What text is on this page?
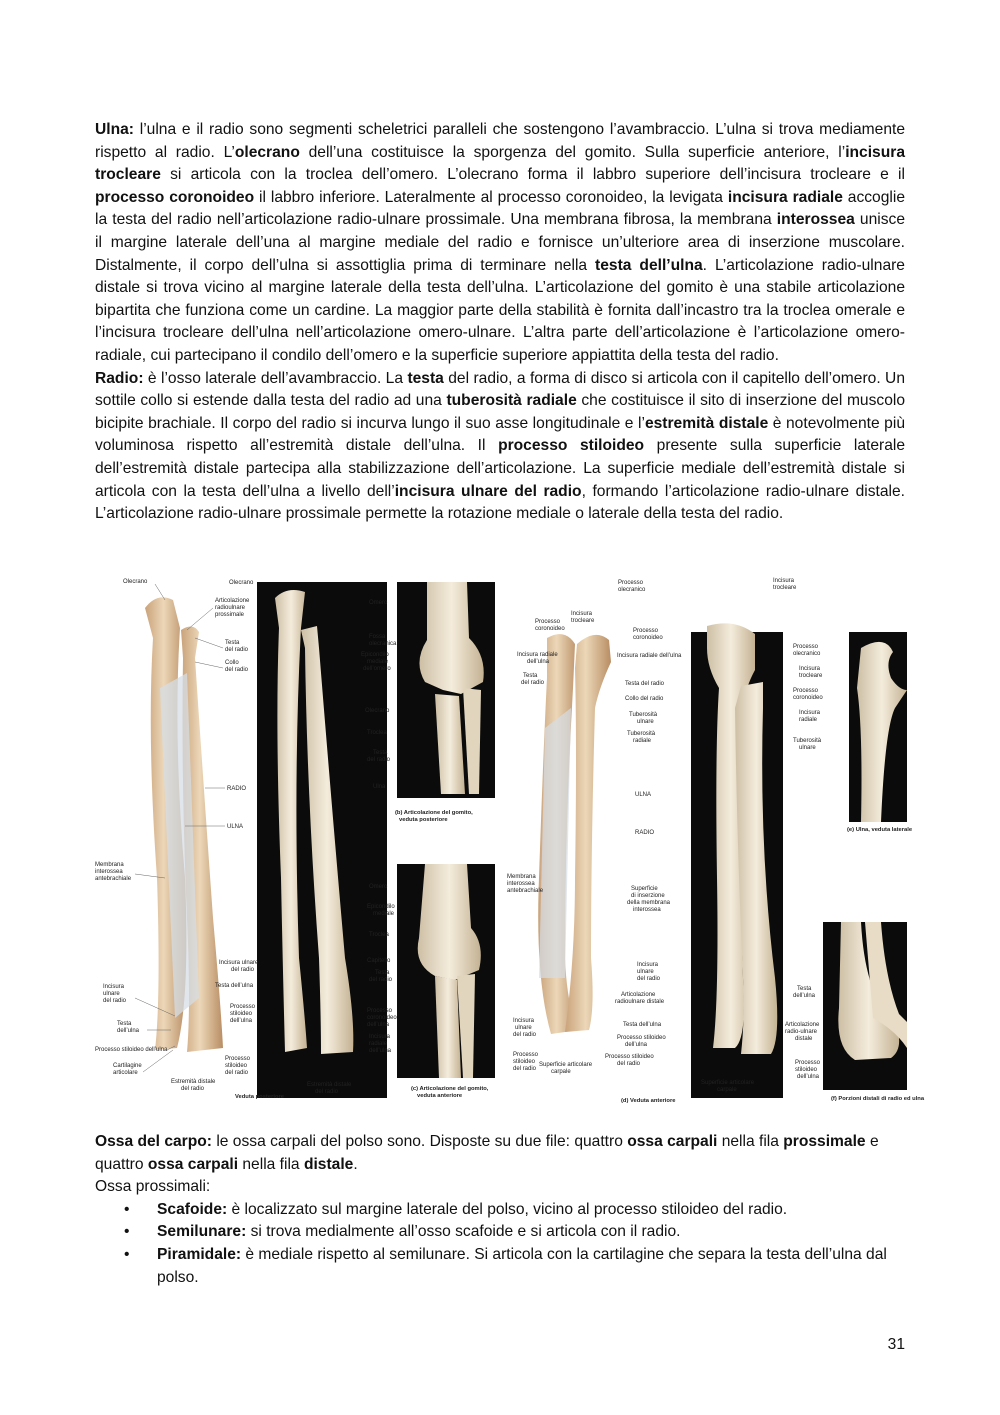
Ulna: l’ulna e il radio sono segmenti scheletrici paralleli che sostengono l’avambraccio. L’ulna si trova mediamente rispetto al radio. L’olecrano dell’una costituisce la sporgenza del gomito. Sulla superficie anteriore, l’incisura trocleare si articola con la troclea dell’omero. L’olecrano forma il labbro superiore dell’incisura trocleare e il processo coronoideo il labbro inferiore. Lateralmente al processo coronoideo, la levigata incisura radiale accoglie la testa del radio nell’articolazione radio-ulnare prossimale. Una membrana fibrosa, la membrana interossea unisce il margine laterale dell’una al margine mediale del radio e fornisce un’ulteriore area di inserzione muscolare. Distalmente, il corpo dell’ulna si assottiglia prima di terminare nella testa dell’ulna. L’articolazione radio-ulnare distale si trova vicino al margine laterale della testa dell’ulna. L’articolazione del gomito è una stabile articolazione bipartita che funziona come un cardine. La maggior parte della stabilità è fornita dall’incastro tra la troclea omerale e l’incisura trocleare dell’ulna nell’articolazione omero-ulnare. L’altra parte dell’articolazione è l’articolazione omero-radiale, cui partecipano il condilo dell’omero e la superficie superiore appiattita della testa del radio.

Radio: è l’osso laterale dell’avambraccio. La testa del radio, a forma di disco si articola con il capitello dell’omero. Un sottile collo si estende dalla testa del radio ad una tuberosità radiale che costituisce il sito di inserzione del muscolo bicipite brachiale. Il corpo del radio si incurva lungo il suo asse longitudinale e l’estremità distale è notevolmente più voluminosa rispetto all’estremità distale dell’ulna. Il processo stiloideo presente sulla superficie laterale dell’estremità distale partecipa alla stabilizzazione dell’articolazione. La superficie mediale dell’estremità distale si articola con la testa dell’ulna a livello dell’incisura ulnare del radio, formando l’articolazione radio-ulnare distale. L’articolazione radio-ulnare prossimale permette la rotazione mediale o laterale della testa del radio.

Olecrano
Articolazione
radioulnare
prossimale
Testa
del radio
Collo
del radio
RADIO
ULNA
Membrana
interossea
antebrachiale
Incisura
ulnare
del radio
Testa
dell’ulna
Processo stiloideo dell’ulna
Cartilagine
articolare
Estremità distale
del radio
Olecrano
Incisura ulnare
del radio
Testa dell’ulna
Processo
stiloideo
dell’ulna
Processo
stiloideo
del radio
Veduta posteriore
Estremità distale
del radio
Omero
Fossa
olecranica
Epicondilo
mediale
dell’omero
Olecrano
Troclea
Testa
del radio
Ulna
(b) Articolazione del gomito,
veduta posteriore
Omero
Epicondilo
mediale
Troclea
Capitello
Testa
del radio
Processo
coronoideo
dell’ulna
Incisura
radiale
dell’ulna
(c) Articolazione del gomito,
veduta anteriore
Processo
olecranico
Incisura
trocleare
Processo
coronoideo
Incisura
trocleare
Incisura radiale
dell’ulna
Testa
del radio
Processo
coronoideo
Incisura radiale dell’ulna
Testa del radio
Collo del radio
Tuberosità
ulnare
Tuberosità
radiale
ULNA
RADIO
Membrana
interossea
antebrachiale	Superficie
di inserzione
della membrana
interossea
Incisura
ulnare
del radio
Articolazione
radioulnare distale
Testa dell’ulna
Processo stiloideo
dell’ulna
Incisura
ulnare
del radio
Processo
stiloideo
del radio
Superficie articolare
carpale
Processo stiloideo
del radio
Superficie articolare
carpale
(d) Veduta anteriore
Processo
olecranico
Incisura
trocleare
Processo
coronoideo
Incisura
radiale
Tuberosità
ulnare
(e) Ulna, veduta laterale
Testa
dell’ulna
Articolazione
radio-ulnare
distale
Processo
stiloideo
dell’ulna
(f) Porzioni distali di radio ed ulna

Ossa del carpo: le ossa carpali del polso sono. Disposte su due file: quattro ossa carpali nella fila prossimale e quattro ossa carpali nella fila distale.

Ossa prossimali:

• Scafoide: è localizzato sul margine laterale del polso, vicino al processo stiloideo del radio.
• Semilunare: si trova medialmente all’osso scafoide e si articola con il radio.
• Piramidale: è mediale rispetto al semilunare. Si articola con la cartilagine che separa la testa dell’ulna dal polso.
31
